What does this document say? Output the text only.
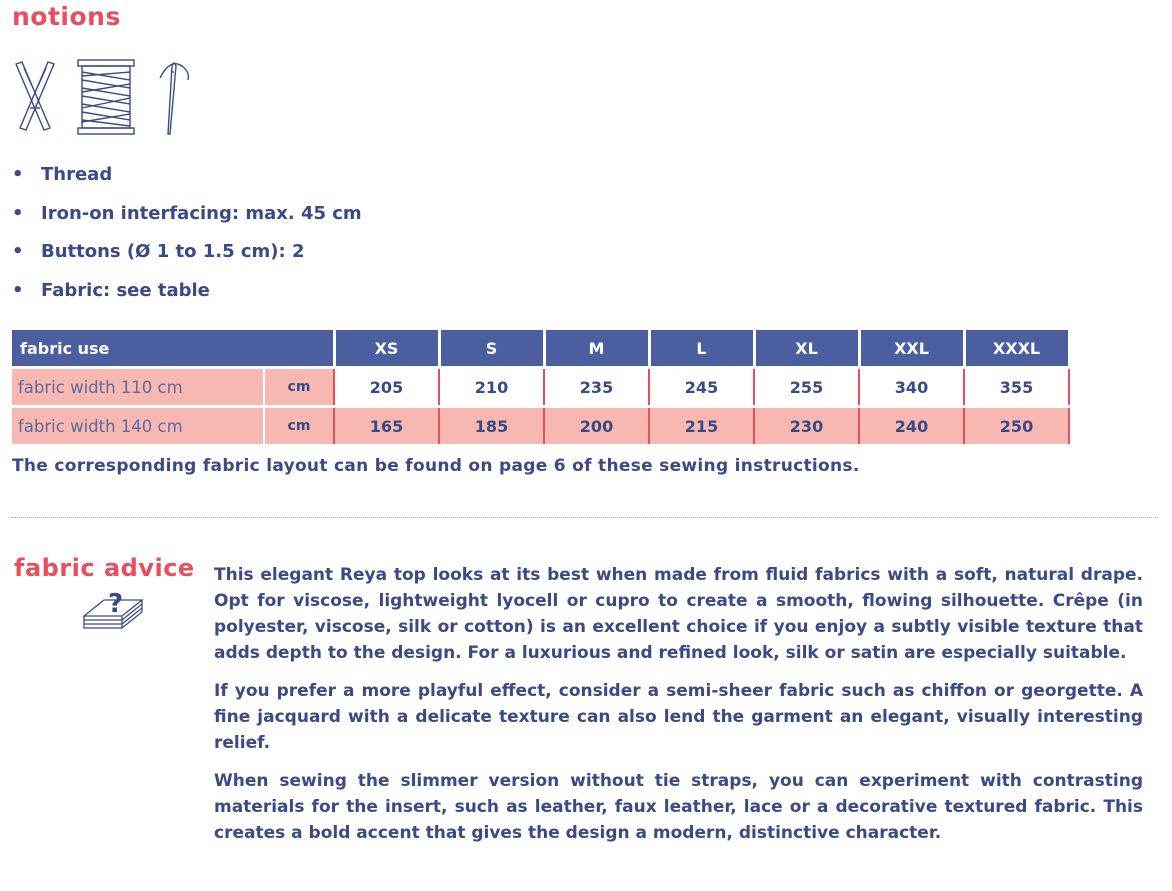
notions
• Thread
• Iron-on interfacing: max. 45 cm
• Buttons (Ø 1 to 1.5 cm): 2
• Fabric: see table
fabric use		XS	S	M	L	XL	XXL	XXXL
fabric width 110 cm	cm	205	210	235	245	255	340	355
fabric width 140 cm	cm	165	185	200	215	230	240	250
The corresponding fabric layout can be found on page 6 of these sewing instructions.
fabric advice
?

This elegant Reya top looks at its best when made from fluid fabrics with a soft, natural drape. Opt for viscose, lightweight lyocell or cupro to create a smooth, flowing silhouette. Crêpe (in polyester, viscose, silk or cotton) is an excellent choice if you enjoy a subtly visible texture that adds depth to the design. For a luxurious and refined look, silk or satin are especially suitable.

If you prefer a more playful effect, consider a semi-sheer fabric such as chiffon or georgette. A fine jacquard with a delicate texture can also lend the garment an elegant, visually interesting relief.

When sewing the slimmer version without tie straps, you can experiment with contrasting materials for the insert, such as leather, faux leather, lace or a decorative textured fabric. This creates a bold accent that gives the design a modern, distinctive character.
